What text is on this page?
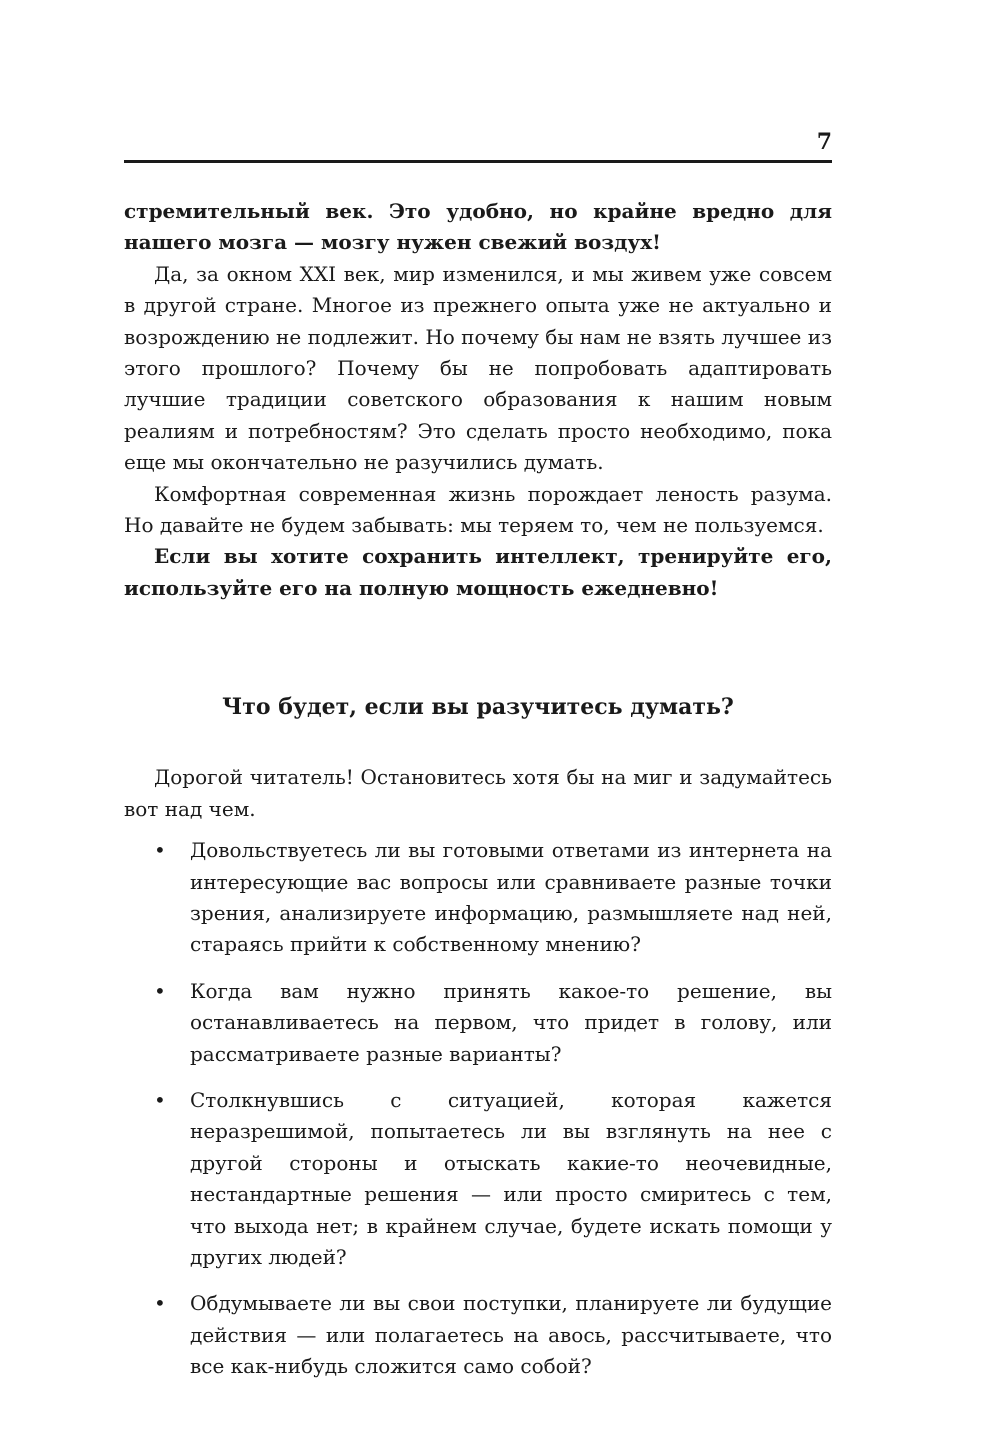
7

стремительный век. Это удобно, но крайне вредно для нашего мозга — мозгу нужен свежий воздух!

Да, за окном XXI век, мир изменился, и мы живем уже совсем в другой стране. Многое из прежнего опыта уже не актуально и возрождению не подлежит. Но почему бы нам не взять лучшее из этого прошлого? Почему бы не попробовать адаптировать лучшие традиции советского образования к нашим новым реалиям и потребностям? Это сделать просто необходимо, пока еще мы окончательно не разучились думать.

Комфортная современная жизнь порождает леность разума. Но давайте не будем забывать: мы теряем то, чем не пользуемся.

Если вы хотите сохранить интеллект, тренируйте его, используйте его на полную мощность ежедневно!

Что будет, если вы разучитесь думать?

Дорогой читатель! Остановитесь хотя бы на миг и задумайтесь вот над чем.

• Довольствуетесь ли вы готовыми ответами из интернета на интересующие вас вопросы или сравниваете разные точки зрения, анализируете информацию, размышляете над ней, стараясь прийти к собственному мнению?
• Когда вам нужно принять какое-то решение, вы останавливаетесь на первом, что придет в голову, или рассматриваете разные варианты?
• Столкнувшись с ситуацией, которая кажется неразрешимой, попытаетесь ли вы взглянуть на нее с другой стороны и отыскать какие-то неочевидные, нестандартные решения — или просто смиритесь с тем, что выхода нет; в крайнем случае, будете искать помощи у других людей?
• Обдумываете ли вы свои поступки, планируете ли будущие действия — или полагаетесь на авось, рассчитываете, что все как-нибудь сложится само собой?
